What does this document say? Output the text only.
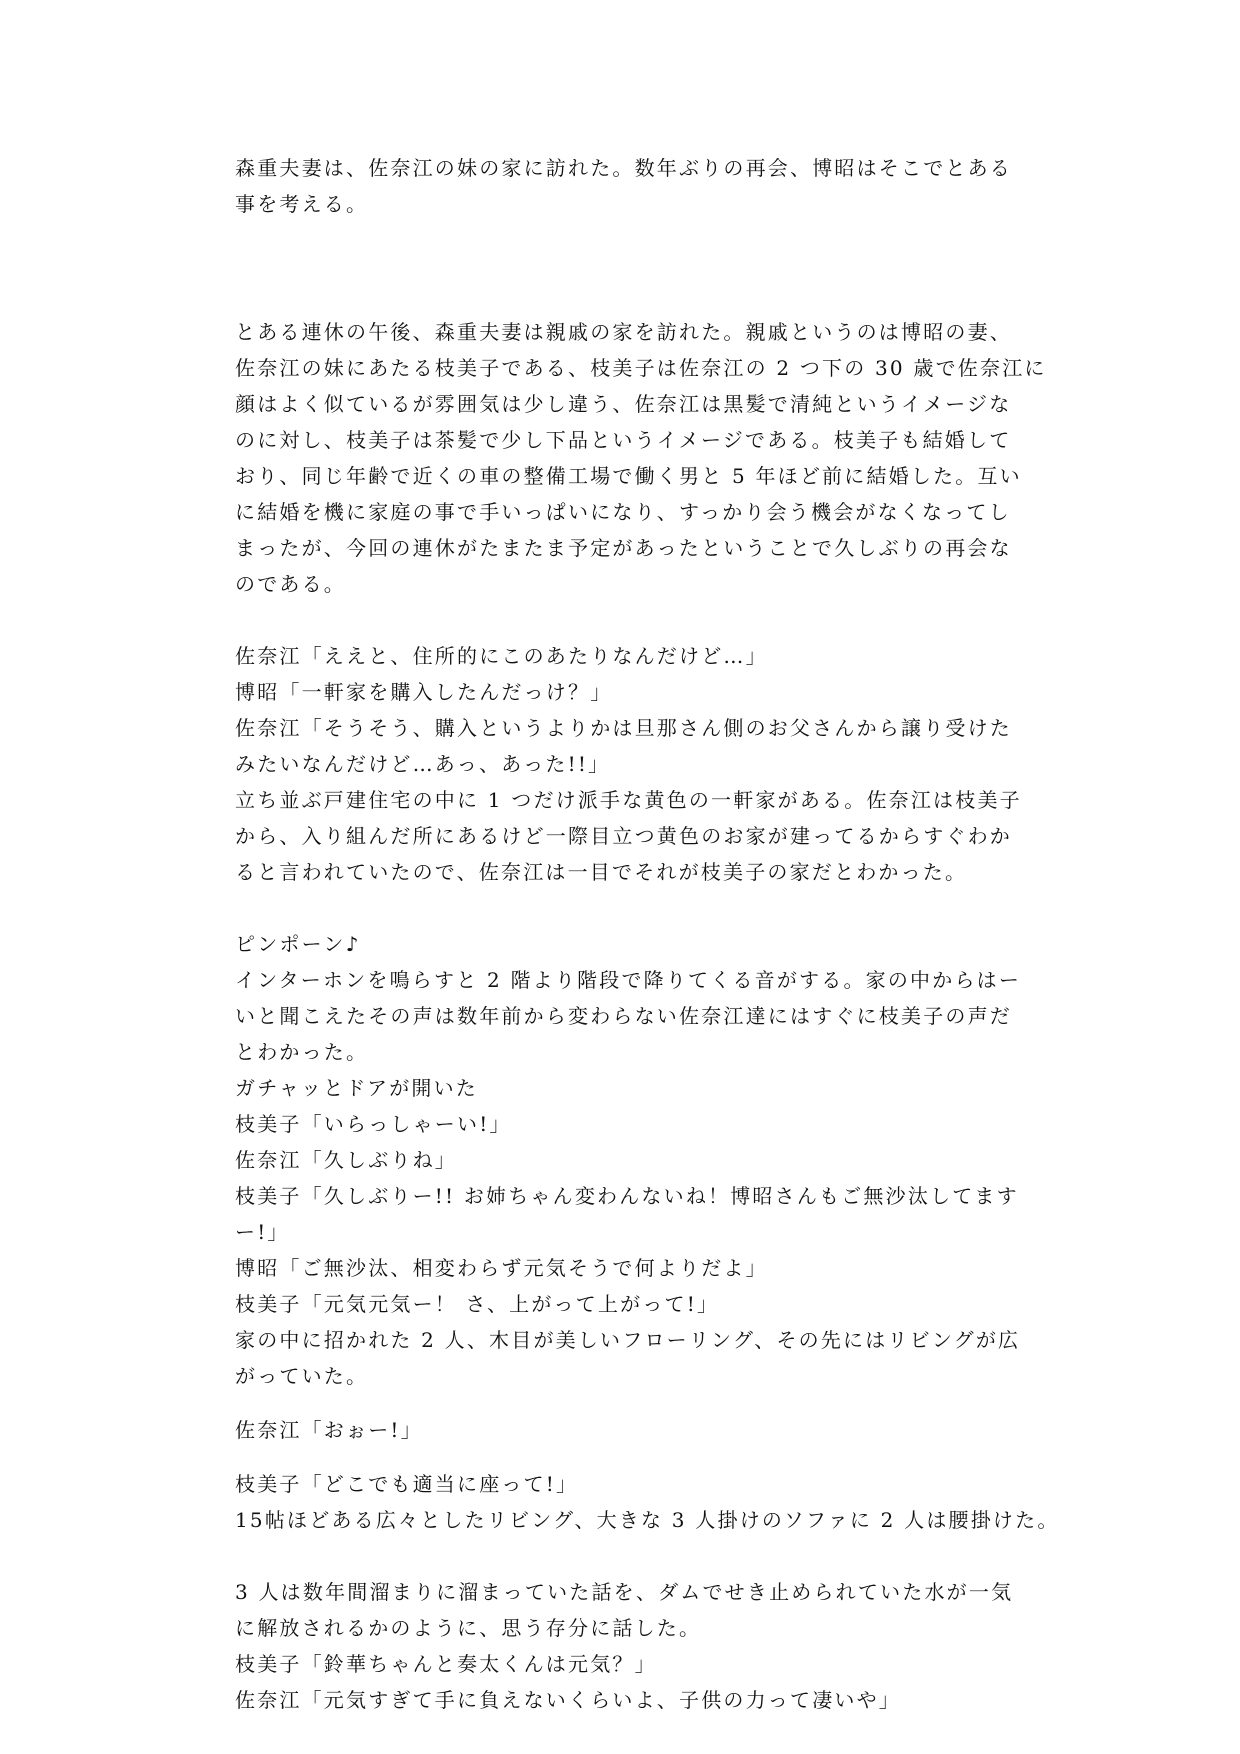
森重夫妻は、佐奈江の妹の家に訪れた。数年ぶりの再会、博昭はそこでとある
事を考える。
とある連休の午後、森重夫妻は親戚の家を訪れた。親戚というのは博昭の妻、
佐奈江の妹にあたる枝美子である、枝美子は佐奈江の 2 つ下の 30 歳で佐奈江に
顔はよく似ているが雰囲気は少し違う、佐奈江は黒髪で清純というイメージな
のに対し、枝美子は茶髪で少し下品というイメージである。枝美子も結婚して
おり、同じ年齢で近くの車の整備工場で働く男と 5 年ほど前に結婚した。互い
に結婚を機に家庭の事で手いっぱいになり、すっかり会う機会がなくなってし
まったが、今回の連休がたまたま予定があったということで久しぶりの再会な
のである。
佐奈江「ええと、住所的にこのあたりなんだけど…」
博昭「一軒家を購入したんだっけ？」
佐奈江「そうそう、購入というよりかは旦那さん側のお父さんから譲り受けた
みたいなんだけど…あっ、あった!!」
立ち並ぶ戸建住宅の中に 1 つだけ派手な黄色の一軒家がある。佐奈江は枝美子
から、入り組んだ所にあるけど一際目立つ黄色のお家が建ってるからすぐわか
ると言われていたので、佐奈江は一目でそれが枝美子の家だとわかった。
ピンポーン♪
インターホンを鳴らすと 2 階より階段で降りてくる音がする。家の中からはー
いと聞こえたその声は数年前から変わらない佐奈江達にはすぐに枝美子の声だ
とわかった。
ガチャッとドアが開いた
枝美子「いらっしゃーい!」
佐奈江「久しぶりね」
枝美子「久しぶりー!! お姉ちゃん変わんないね！博昭さんもご無沙汰してます
ー!」
博昭「ご無沙汰、相変わらず元気そうで何よりだよ」
枝美子「元気元気ー！ さ、上がって上がって!」
家の中に招かれた 2 人、木目が美しいフローリング、その先にはリビングが広
がっていた。
佐奈江「おぉー!」
枝美子「どこでも適当に座って!」
15帖ほどある広々としたリビング、大きな 3 人掛けのソファに 2 人は腰掛けた。
3 人は数年間溜まりに溜まっていた話を、ダムでせき止められていた水が一気
に解放されるかのように、思う存分に話した。
枝美子「鈴華ちゃんと奏太くんは元気？」
佐奈江「元気すぎて手に負えないくらいよ、子供の力って凄いや」
